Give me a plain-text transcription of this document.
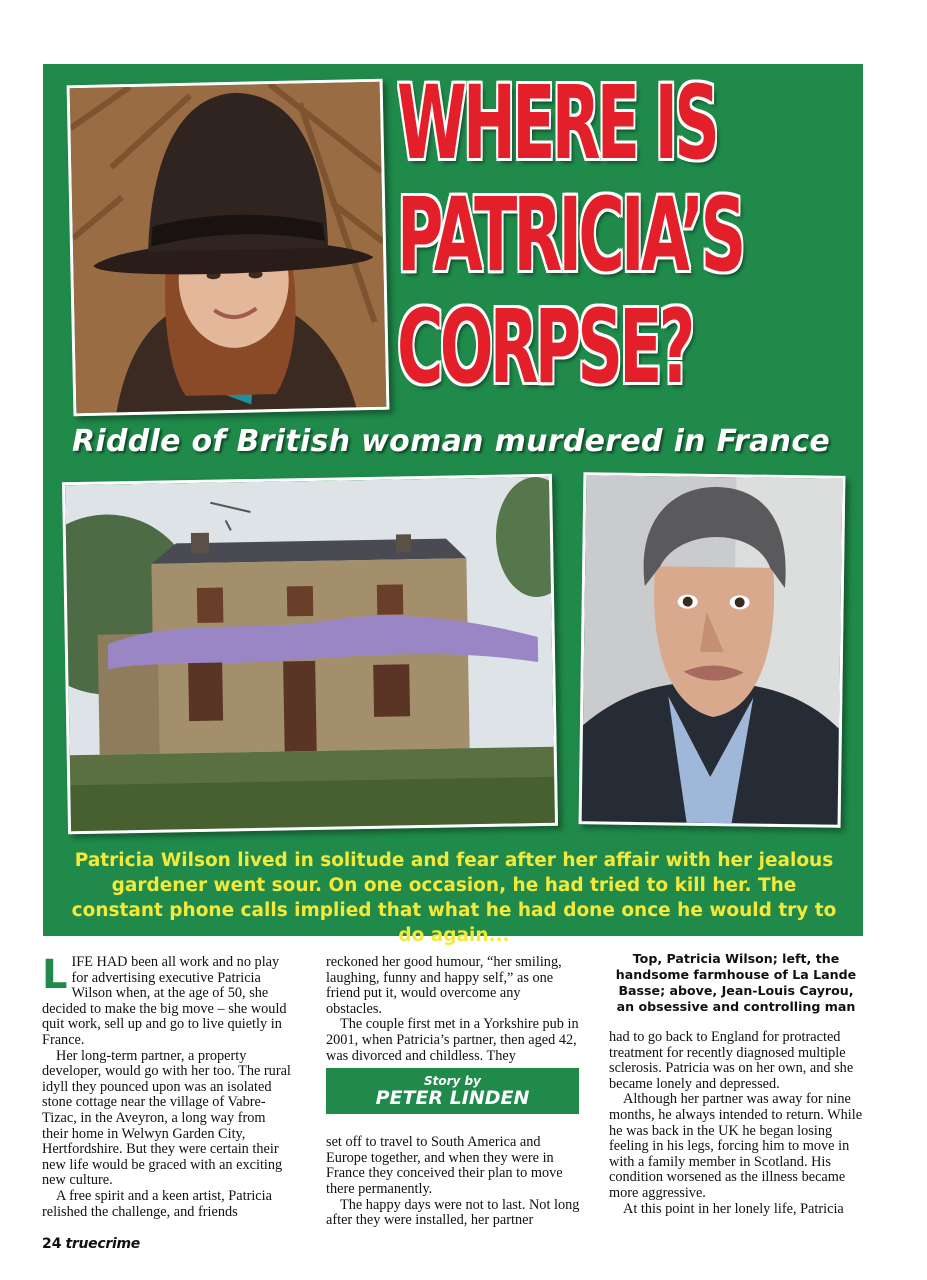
WHERE IS
PATRICIA’S
CORPSE?
Riddle of British woman murdered in France

Patricia Wilson lived in solitude and fear after her affair with her jealous gardener went sour. On one occasion, he had tried to kill her. The constant phone calls implied that what he had done once he would try to do again...

LIFE HAD been all work and no play for advertising executive Patricia Wilson when, at the age of 50, she decided to make the big move – she would quit work, sell up and go to live quietly in France.

Her long-term partner, a property developer, would go with her too. The rural idyll they pounced upon was an isolated stone cottage near the village of Vabre-Tizac, in the Aveyron, a long way from their home in Welwyn Garden City, Hertfordshire. But they were certain their new life would be graced with an exciting new culture.

A free spirit and a keen artist, Patricia relished the challenge, and friends

reckoned her good humour, “her smiling, laughing, funny and happy self,” as one friend put it, would overcome any obstacles.

The couple first met in a Yorkshire pub in 2001, when Patricia’s partner, then aged 42, was divorced and childless. They

set off to travel to South America and Europe together, and when they were in France they conceived their plan to move there permanently.

The happy days were not to last. Not long after they were installed, her partner

Story by
PETER LINDEN

Top, Patricia Wilson; left, the handsome farmhouse of La Lande Basse; above, Jean-Louis Cayrou, an obsessive and controlling man

had to go back to England for protracted treatment for recently diagnosed multiple sclerosis. Patricia was on her own, and she became lonely and depressed.

Although her partner was away for nine months, he always intended to return. While he was back in the UK he began losing feeling in his legs, forcing him to move in with a family member in Scotland. His condition worsened as the illness became more aggressive.

At this point in her lonely life, Patricia

24 truecrime
